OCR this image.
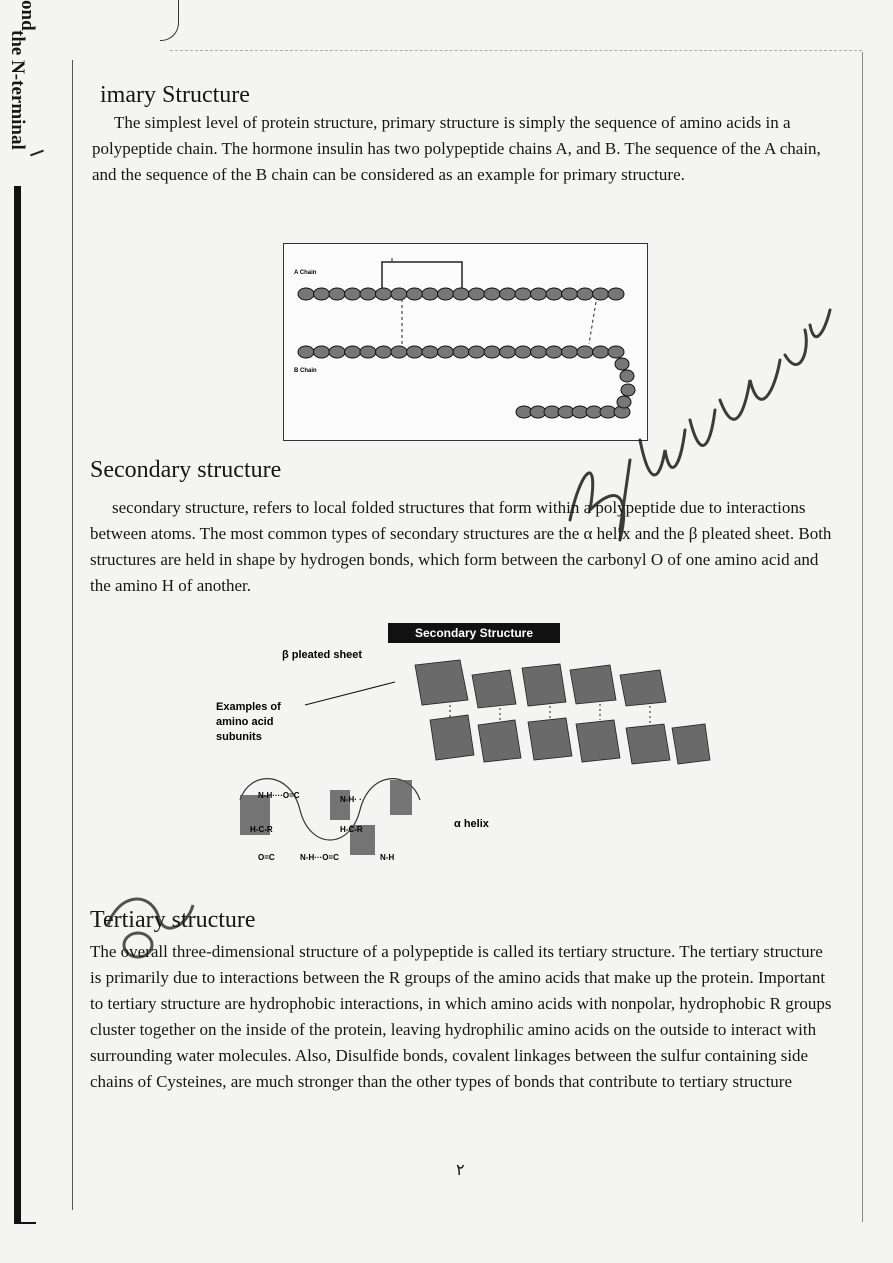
ond
the N-terminal	imary Structure

The simplest level of protein structure, primary structure is simply the sequence of amino acids in a polypeptide chain. The hormone insulin has two polypeptide chains A, and B. The sequence of the A chain, and the sequence of the B chain can be considered as an example for primary structure.

A Chain
B Chain
Secondary structure

secondary structure, refers to local folded structures that form within a polypeptide due to interactions between atoms. The most common types of secondary structures are the α helix and the β pleated sheet. Both structures are held in shape by hydrogen bonds, which form between the carbonyl O of one amino acid and the amino H of another.

Secondary Structure
β pleated sheet
Examples of
amino acid
subunits
α helix
N-H····O=C	N-H· ·
H-C-R	H-C-R
O=C	N-H···O=C	N-H
Tertiary structure

The overall three-dimensional structure of a polypeptide is called its tertiary structure. The tertiary structure is primarily due to interactions between the R groups of the amino acids that make up the protein. Important to tertiary structure are hydrophobic interactions, in which amino acids with nonpolar, hydrophobic R groups cluster together on the inside of the protein, leaving hydrophilic amino acids on the outside to interact with surrounding water molecules. Also, Disulfide bonds, covalent linkages between the sulfur containing side chains of Cysteines, are much stronger than the other types of bonds that contribute to tertiary structure

٢
